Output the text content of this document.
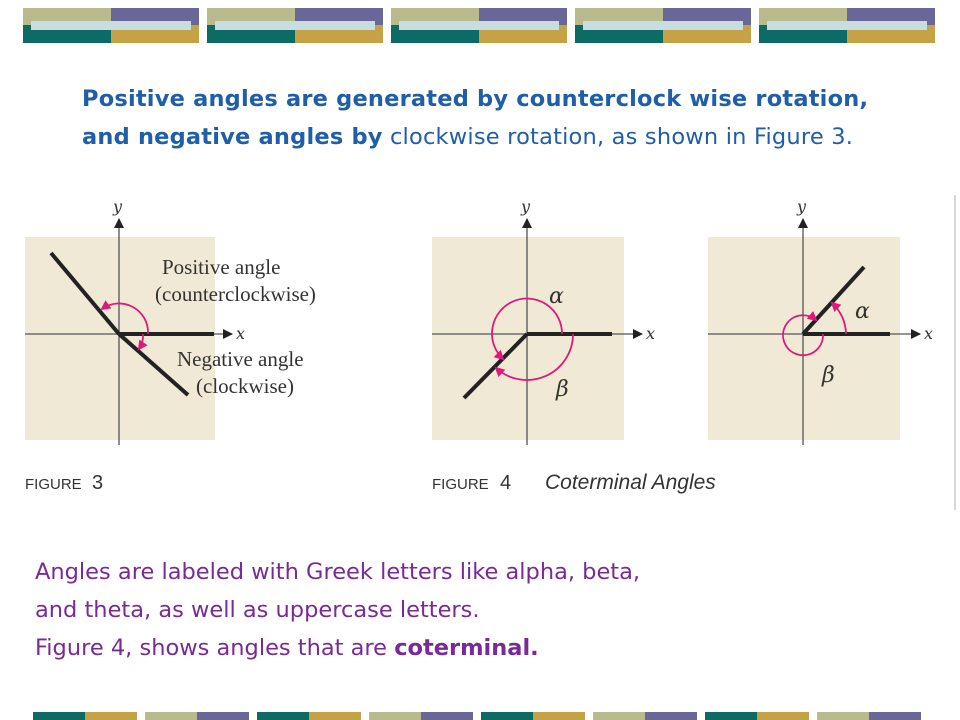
Positive angles are generated by counterclock wise rotation, and negative angles by clockwise rotation, as shown in Figure 3.
y
x
Positive angle
(counterclockwise)
Negative angle
(clockwise)
FIGURE 3
y
x
α
β
y
x
α
β
FIGURE 4 Coterminal Angles
Angles are labeled with Greek letters like alpha, beta,
and theta, as well as uppercase letters.
Figure 4, shows angles that are coterminal.
